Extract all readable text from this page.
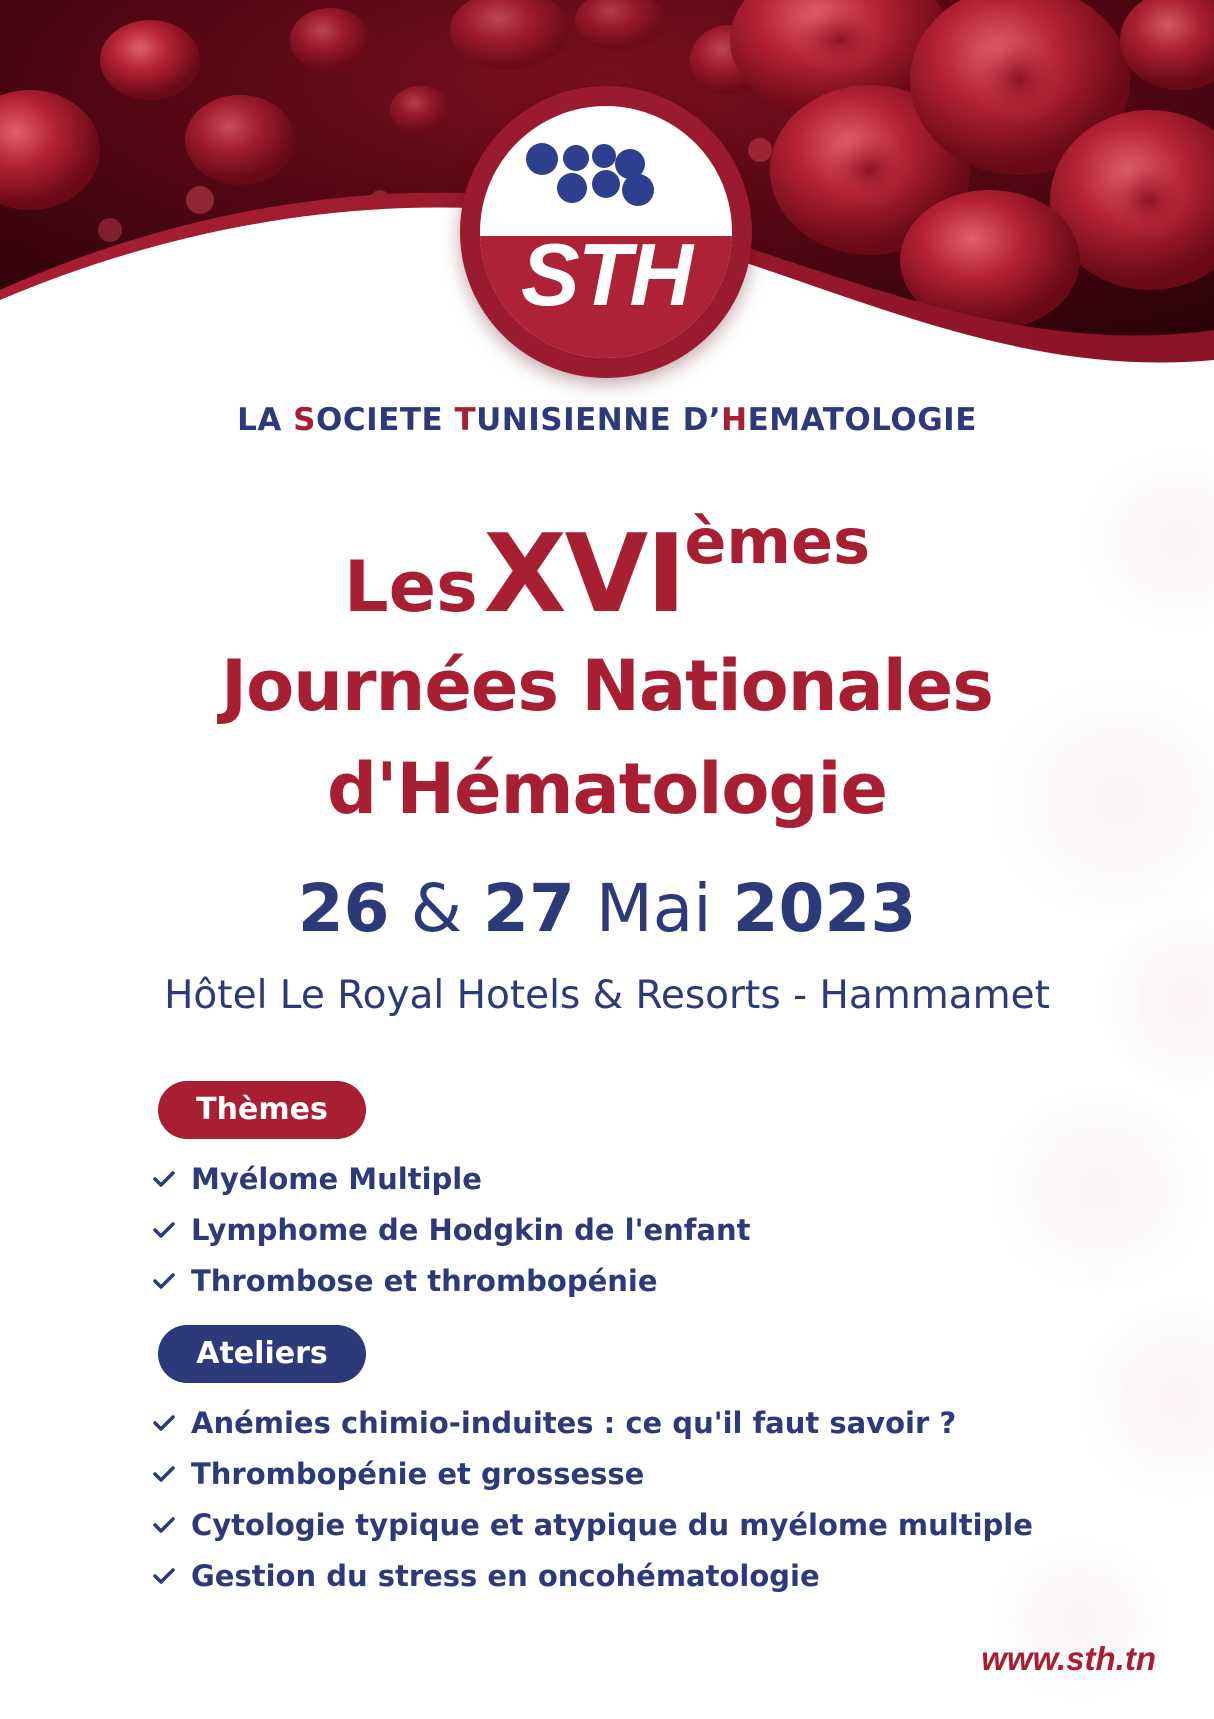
STH
LA SOCIETE TUNISIENNE D’HEMATOLOGIE
Les XVIèmes
Journées Nationales
d'Hématologie
26 & 27 Mai 2023
Hôtel Le Royal Hotels & Resorts - Hammamet
Thèmes
Myélome Multiple
Lymphome de Hodgkin de l'enfant
Thrombose et thrombopénie
Ateliers
Anémies chimio-induites : ce qu'il faut savoir ?
Thrombopénie et grossesse
Cytologie typique et atypique du myélome multiple
Gestion du stress en oncohématologie
www.sth.tn
